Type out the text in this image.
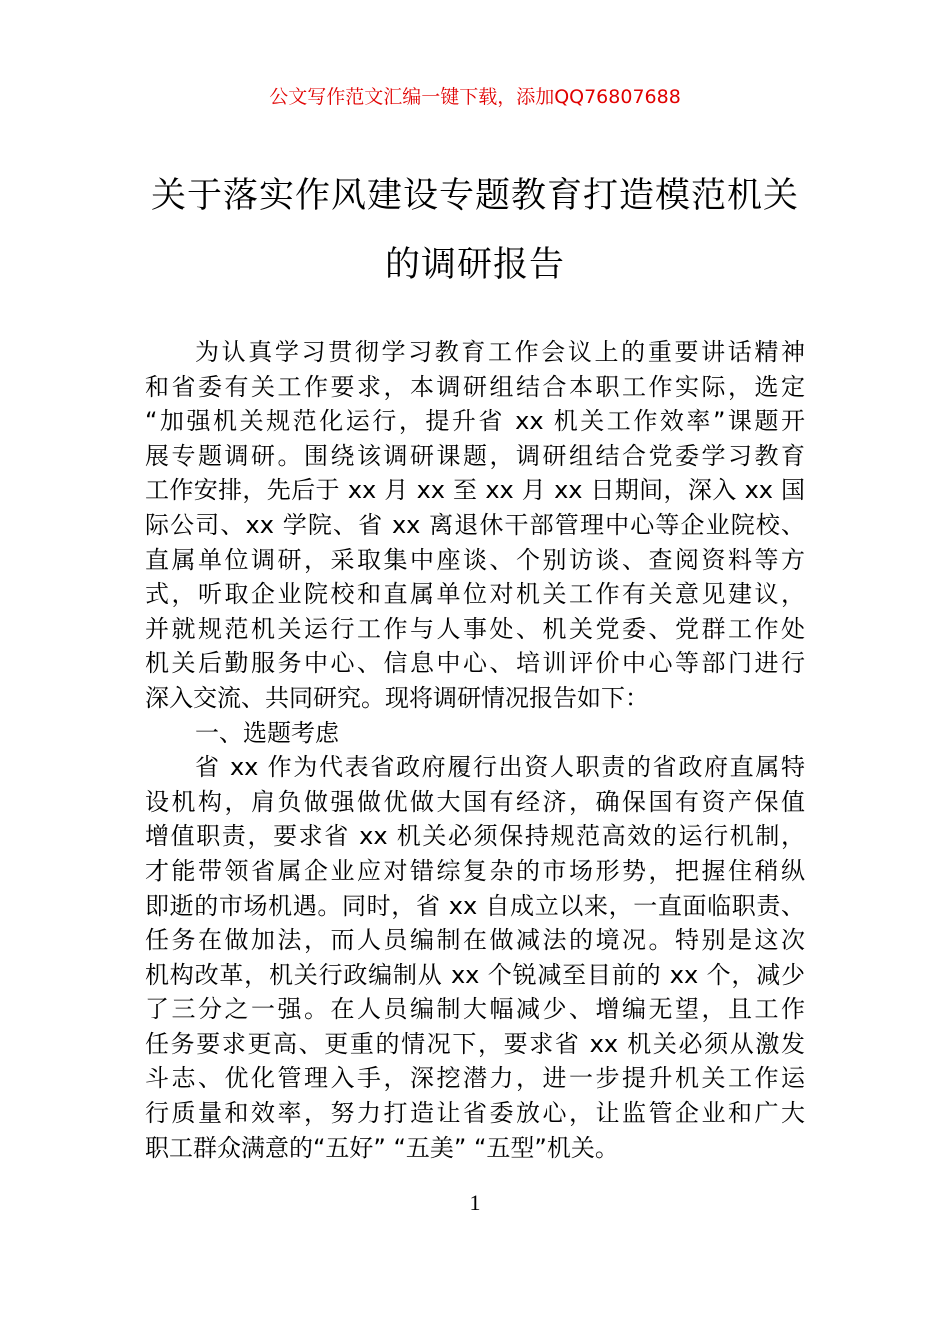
公文写作范文汇编一键下载，添加QQ76807688
关于落实作风建设专题教育打造模范机关
的调研报告
为认真学习贯彻学习教育工作会议上的重要讲话精神
和省委有关工作要求，本调研组结合本职工作实际，选定
“加强机关规范化运行，提升省 xx 机关工作效率”课题开
展专题调研。围绕该调研课题，调研组结合党委学习教育
工作安排，先后于 xx 月 xx 至 xx 月 xx 日期间，深入 xx 国
际公司、xx 学院、省 xx 离退休干部管理中心等企业院校、
直属单位调研，采取集中座谈、个别访谈、查阅资料等方
式，听取企业院校和直属单位对机关工作有关意见建议，
并就规范机关运行工作与人事处、机关党委、党群工作处
机关后勤服务中心、信息中心、培训评价中心等部门进行
深入交流、共同研究。现将调研情况报告如下：
一、选题考虑
省 xx 作为代表省政府履行出资人职责的省政府直属特
设机构，肩负做强做优做大国有经济，确保国有资产保值
增值职责，要求省 xx 机关必须保持规范高效的运行机制，
才能带领省属企业应对错综复杂的市场形势，把握住稍纵
即逝的市场机遇。同时，省 xx 自成立以来，一直面临职责、
任务在做加法，而人员编制在做减法的境况。特别是这次
机构改革，机关行政编制从 xx 个锐减至目前的 xx 个，减少
了三分之一强。在人员编制大幅减少、增编无望，且工作
任务要求更高、更重的情况下，要求省 xx 机关必须从激发
斗志、优化管理入手，深挖潜力，进一步提升机关工作运
行质量和效率，努力打造让省委放心，让监管企业和广大
职工群众满意的“五好” “五美” “五型”机关。
1
